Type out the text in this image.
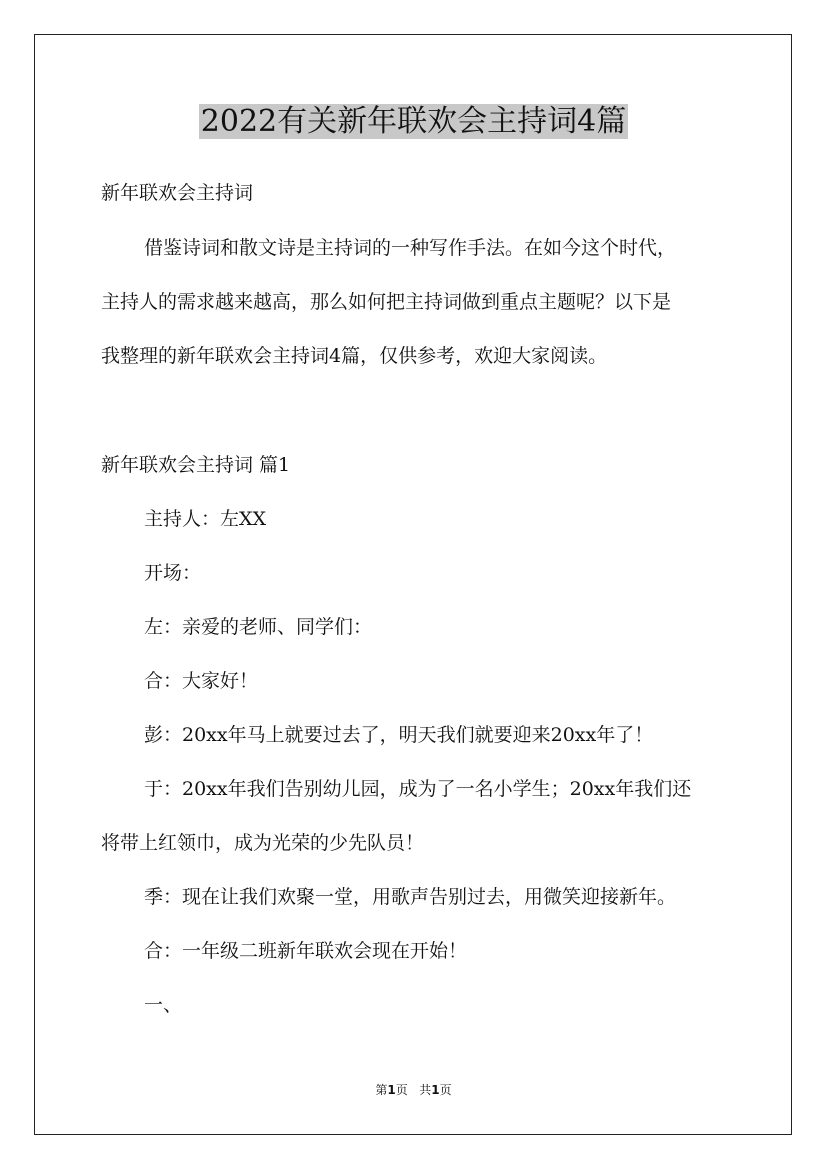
2022有关新年联欢会主持词4篇

新年联欢会主持词

借鉴诗词和散文诗是主持词的一种写作手法。在如今这个时代，

主持人的需求越来越高，那么如何把主持词做到重点主题呢？以下是

我整理的新年联欢会主持词4篇，仅供参考，欢迎大家阅读。

新年联欢会主持词 篇1

主持人：左XX

开场：

左：亲爱的老师、同学们：

合：大家好！

彭：20xx年马上就要过去了，明天我们就要迎来20xx年了！

于：20xx年我们告别幼儿园，成为了一名小学生；20xx年我们还

将带上红领巾，成为光荣的少先队员！

季：现在让我们欢聚一堂，用歌声告别过去，用微笑迎接新年。

合：一年级二班新年联欢会现在开始！

一、

第1页 共1页
